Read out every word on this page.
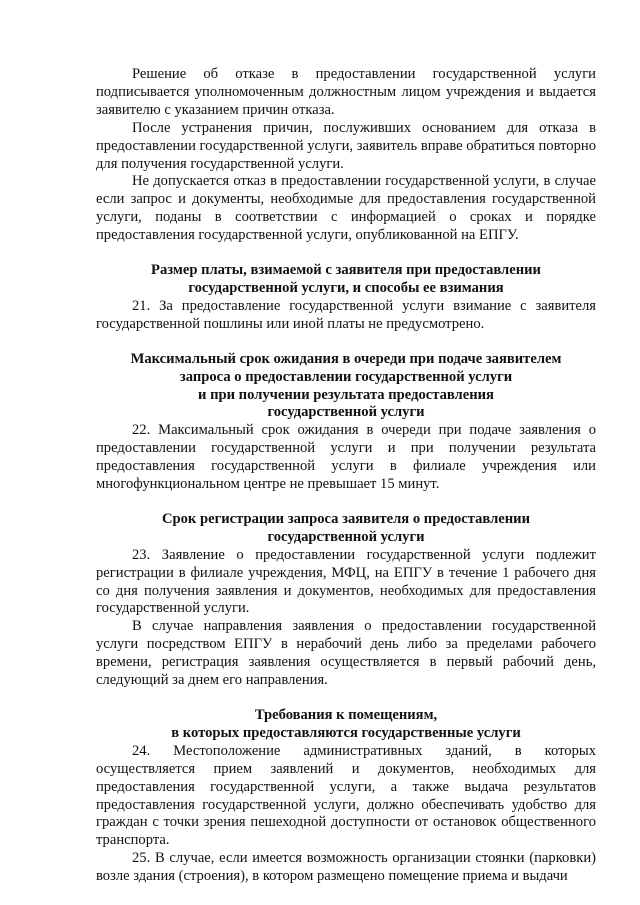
Решение об отказе в предоставлении государственной услуги подписывается уполномоченным должностным лицом учреждения и выдается заявителю с указанием причин отказа.

После устранения причин, послуживших основанием для отказа в предоставлении государственной услуги, заявитель вправе обратиться повторно для получения государственной услуги.

Не допускается отказ в предоставлении государственной услуги, в случае если запрос и документы, необходимые для предоставления государственной услуги, поданы в соответствии с информацией о сроках и порядке предоставления государственной услуги, опубликованной на ЕПГУ.

Размер платы, взимаемой с заявителя при предоставлении
государственной услуги, и способы ее взимания

21. За предоставление государственной услуги взимание с заявителя государственной пошлины или иной платы не предусмотрено.

Максимальный срок ожидания в очереди при подаче заявителем
запроса о предоставлении государственной услуги
и при получении результата предоставления
государственной услуги

22. Максимальный срок ожидания в очереди при подаче заявления о предоставлении государственной услуги и при получении результата предоставления государственной услуги в филиале учреждения или многофункциональном центре не превышает 15 минут.

Срок регистрации запроса заявителя о предоставлении
государственной услуги

23. Заявление о предоставлении государственной услуги подлежит регистрации в филиале учреждения, МФЦ, на ЕПГУ в течение 1 рабочего дня со дня получения заявления и документов, необходимых для предоставления государственной услуги.

В случае направления заявления о предоставлении государственной услуги посредством ЕПГУ в нерабочий день либо за пределами рабочего времени, регистрация заявления осуществляется в первый рабочий день, следующий за днем его направления.

Требования к помещениям,
в которых предоставляются государственные услуги

24. Местоположение административных зданий, в которых осуществляется прием заявлений и документов, необходимых для предоставления государственной услуги, а также выдача результатов предоставления государственной услуги, должно обеспечивать удобство для граждан с точки зрения пешеходной доступности от остановок общественного транспорта.

25. В случае, если имеется возможность организации стоянки (парковки) возле здания (строения), в котором размещено помещение приема и выдачи
